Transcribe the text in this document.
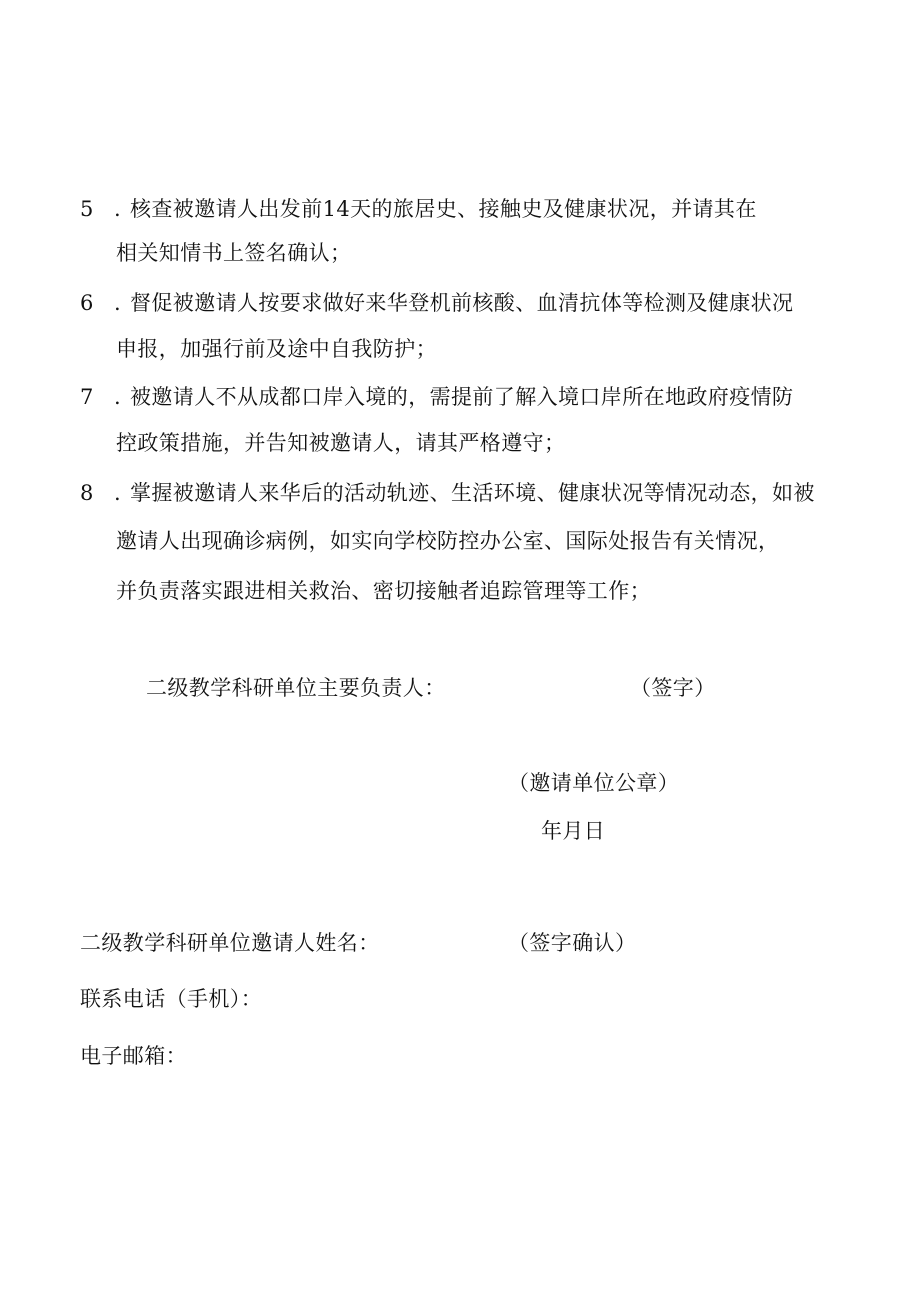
5 . 核查被邀请人出发前14天的旅居史、接触史及健康状况，并请其在
相关知情书上签名确认；
6 . 督促被邀请人按要求做好来华登机前核酸、血清抗体等检测及健康状况
申报，加强行前及途中自我防护；
7 . 被邀请人不从成都口岸入境的，需提前了解入境口岸所在地政府疫情防
控政策措施，并告知被邀请人，请其严格遵守；
8 . 掌握被邀请人来华后的活动轨迹、生活环境、健康状况等情况动态，如被
邀请人出现确诊病例，如实向学校防控办公室、国际处报告有关情况，
并负责落实跟进相关救治、密切接触者追踪管理等工作；
二级教学科研单位主要负责人：	（签字）
（邀请单位公章）
年月日
二级教学科研单位邀请人姓名：	（签字确认）
联系电话（手机）：
电子邮箱：
